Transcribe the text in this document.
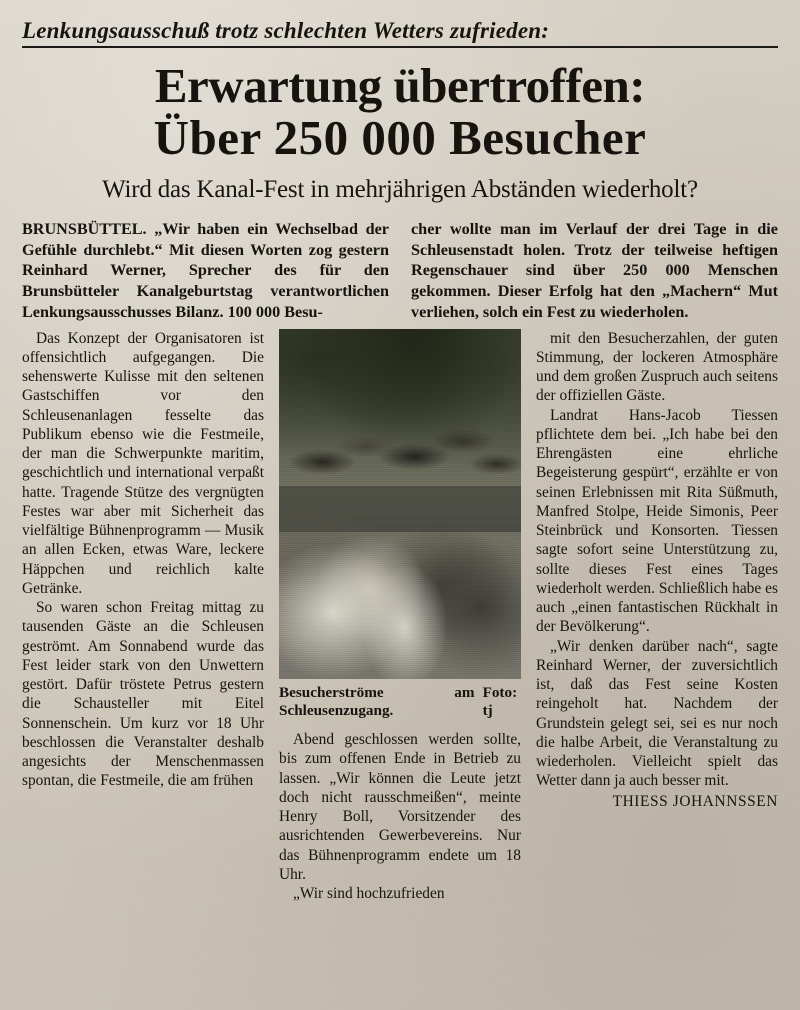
Lenkungsausschuß trotz schlechten Wetters zufrieden:
Erwartung übertroffen:
Über 250 000 Besucher
Wird das Kanal-Fest in mehrjährigen Abständen wiederholt?
BRUNSBÜTTEL. „Wir haben ein Wechselbad der Gefühle durchlebt.“ Mit diesen Worten zog gestern Reinhard Werner, Sprecher des für den Brunsbütteler Kanalgeburtstag verantwortlichen Lenkungsausschusses Bilanz. 100 000 Besu-
cher wollte man im Verlauf der drei Tage in die Schleusenstadt holen. Trotz der teilweise heftigen Regenschauer sind über 250 000 Menschen gekommen. Dieser Erfolg hat den „Machern“ Mut verliehen, solch ein Fest zu wiederholen.

Das Konzept der Organisatoren ist offensichtlich aufgegangen. Die sehenswerte Kulisse mit den seltenen Gastschiffen vor den Schleusenanlagen fesselte das Publikum ebenso wie die Festmeile, der man die Schwerpunkte maritim, geschichtlich und international verpaßt hatte. Tragende Stütze des vergnügten Festes war aber mit Sicherheit das vielfältige Bühnenprogramm — Musik an allen Ecken, etwas Ware, leckere Häppchen und reichlich kalte Getränke.

So waren schon Freitag mittag zu tausenden Gäste an die Schleusen geströmt. Am Sonnabend wurde das Fest leider stark von den Unwettern gestört. Dafür tröstete Petrus gestern die Schausteller mit Eitel Sonnenschein. Um kurz vor 18 Uhr beschlossen die Veranstalter deshalb angesichts der Menschenmassen spontan, die Festmeile, die am frühen

Besucherströme am Schleusenzugang.
Foto: tj

Abend geschlossen werden sollte, bis zum offenen Ende in Betrieb zu lassen. „Wir können die Leute jetzt doch nicht rausschmeißen“, meinte Henry Boll, Vorsitzender des ausrichtenden Gewerbevereins. Nur das Bühnenprogramm endete um 18 Uhr.

„Wir sind hochzufrieden

mit den Besucherzahlen, der guten Stimmung, der lockeren Atmosphäre und dem großen Zuspruch auch seitens der offiziellen Gäste.

Landrat Hans-Jacob Tiessen pflichtete dem bei. „Ich habe bei den Ehrengästen eine ehrliche Begeisterung gespürt“, erzählte er von seinen Erlebnissen mit Rita Süßmuth, Manfred Stolpe, Heide Simonis, Peer Steinbrück und Konsorten. Tiessen sagte sofort seine Unterstützung zu, sollte dieses Fest eines Tages wiederholt werden. Schließlich habe es auch „einen fantastischen Rückhalt in der Bevölkerung“.

„Wir denken darüber nach“, sagte Reinhard Werner, der zuversichtlich ist, daß das Fest seine Kosten reingeholt hat. Nachdem der Grundstein gelegt sei, sei es nur noch die halbe Arbeit, die Veranstaltung zu wiederholen. Vielleicht spielt das Wetter dann ja auch besser mit.

THIESS JOHANNSSEN
